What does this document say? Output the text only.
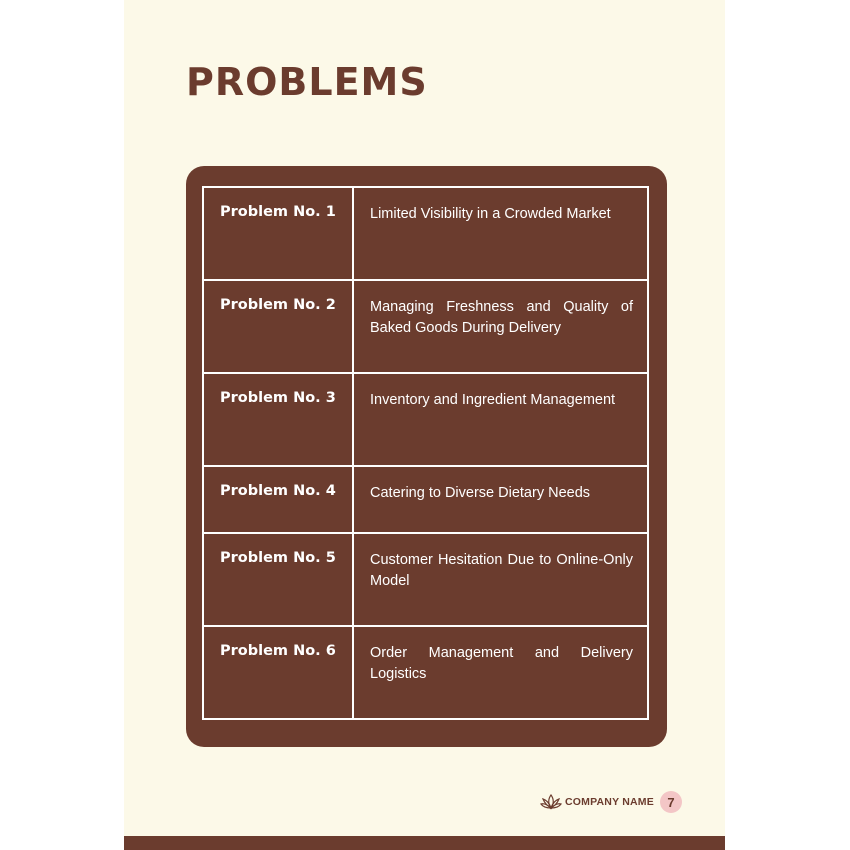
PROBLEMS
Problem No. 1	Limited Visibility in a Crowded Market
Problem No. 2	Managing Freshness and Quality of Baked Goods During Delivery
Problem No. 3	Inventory and Ingredient Management
Problem No. 4	Catering to Diverse Dietary Needs
Problem No. 5	Customer Hesitation Due to Online-Only Model
Problem No. 6	Order Management and Delivery Logistics
COMPANY NAME	7
